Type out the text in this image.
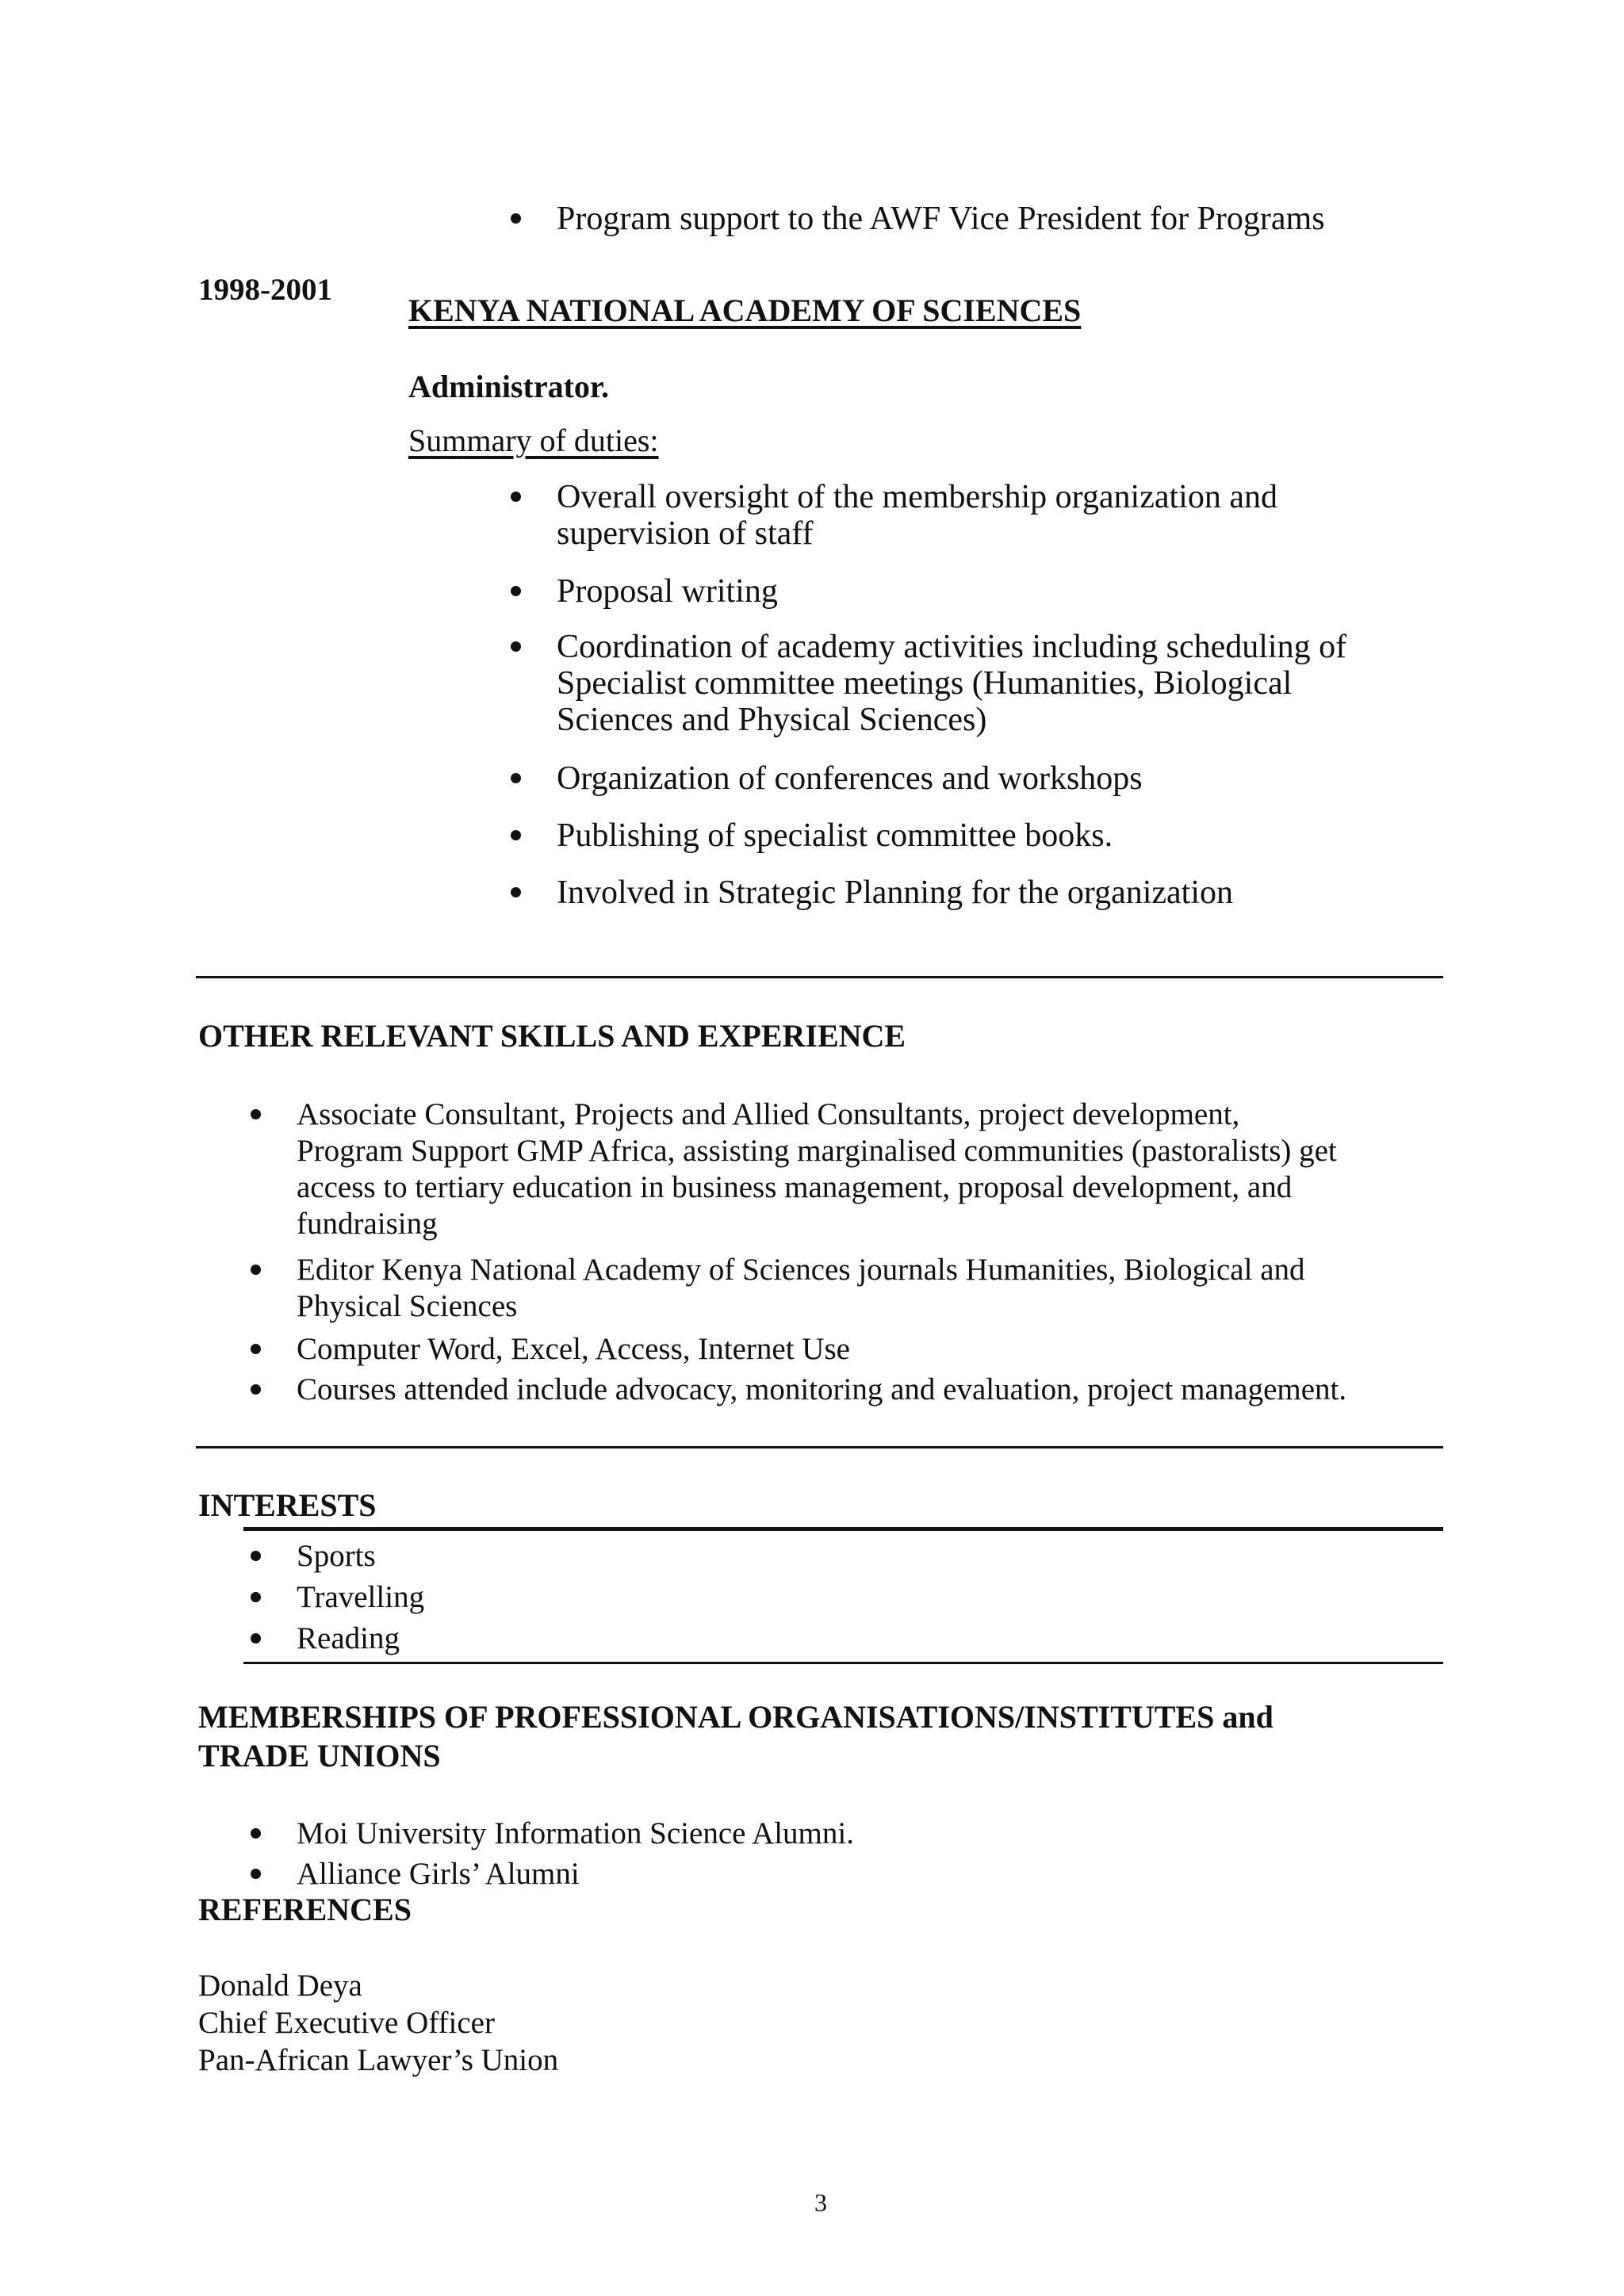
Program support to the AWF Vice President for Programs
1998-2001
KENYA NATIONAL ACADEMY OF SCIENCES
Administrator.
Summary of duties:
Overall oversight of the membership organization and
supervision of staff
Proposal writing
Coordination of academy activities including scheduling of
Specialist committee meetings (Humanities, Biological
Sciences and Physical Sciences)
Organization of conferences and workshops
Publishing of specialist committee books.
Involved in Strategic Planning for the organization
OTHER RELEVANT SKILLS AND EXPERIENCE
Associate Consultant, Projects and Allied Consultants, project development,
Program Support GMP Africa, assisting marginalised communities (pastoralists) get
access to tertiary education in business management, proposal development, and
fundraising
Editor Kenya National Academy of Sciences journals Humanities, Biological and
Physical Sciences
Computer Word, Excel, Access, Internet Use
Courses attended include advocacy, monitoring and evaluation, project management.
INTERESTS
Sports
Travelling
Reading
MEMBERSHIPS OF PROFESSIONAL ORGANISATIONS/INSTITUTES and
TRADE UNIONS
Moi University Information Science Alumni.
Alliance Girls’ Alumni
REFERENCES
Donald Deya
Chief Executive Officer
Pan-African Lawyer’s Union
3
